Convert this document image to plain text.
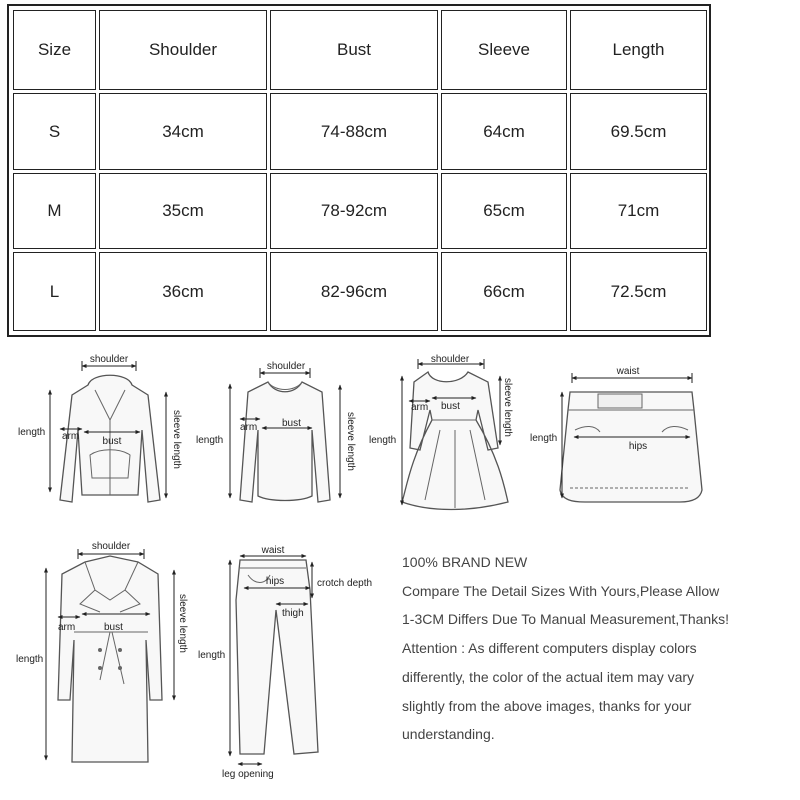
Size	Shoulder	Bust	Sleeve	Length
S	34cm	74-88cm	64cm	69.5cm
M	35cm	78-92cm	65cm	71cm
L	36cm	82-96cm	66cm	72.5cm
shoulder
length arm bust	sleeve length
shoulder
length
arm bust	sleeve length
shoulder
length
arm bust	sleeve length
waist
length
hips
shoulder
length
arm	bust	sleeve length
waist
hips	crotch depth
thigh
length
leg opening
100% BRAND NEW
Compare The Detail Sizes With Yours,Please Allow
1-3CM Differs Due To Manual Measurement,Thanks!
Attention : As different computers display colors
differently, the color of the actual item may vary
slightly from the above images, thanks for your
understanding.
